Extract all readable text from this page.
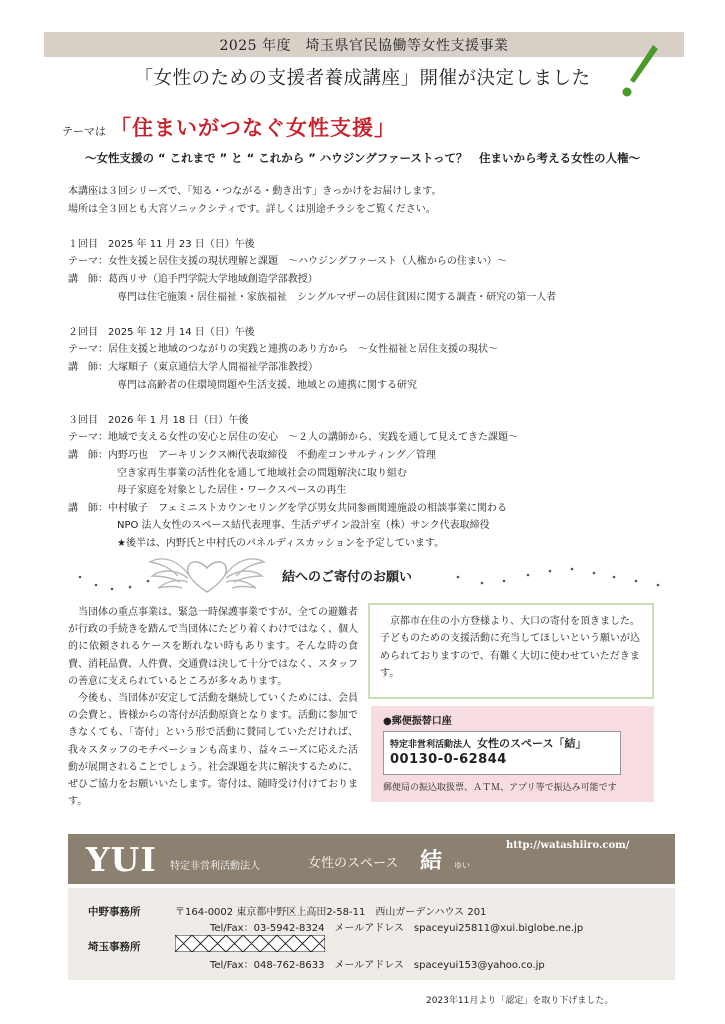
2025 年度　埼玉県官民協働等女性支援事業
「女性のための支援者養成講座」開催が決定しました
テーマは 「住まいがつなぐ女性支援」
～女性支援の “ これまで ” と “ これから ” ハウジングファーストって？　住まいから考える女性の人権～
本講座は３回シリーズで、「知る・つながる・動き出す」きっかけをお届けします。
場所は全３回とも大宮ソニックシティです。詳しくは別途チラシをご覧ください。
１回目　2025 年 11 月 23 日（日）午後
テーマ：女性支援と居住支援の現状理解と課題　～ハウジングファースト（人権からの住まい）～
講　師：葛西リサ（追手門学院大学地域創造学部教授）
専門は住宅施策・居住福祉・家族福祉　シングルマザーの居住貧困に関する調査・研究の第一人者
２回目　2025 年 12 月 14 日（日）午後
テーマ：居住支援と地域のつながりの実践と連携のあり方から　～女性福祉と居住支援の現状～
講　師：大塚順子（東京通信大学人間福祉学部准教授）
専門は高齢者の住環境問題や生活支援、地域との連携に関する研究
３回目　2026 年 1 月 18 日（日）午後
テーマ：地域で支える女性の安心と居住の安心　～２人の講師から、実践を通して見えてきた課題～
講　師：内野巧也　アーキリンクス㈱代表取締役　不動産コンサルティング／管理
空き家再生事業の活性化を通して地域社会の問題解決に取り組む
母子家庭を対象とした居住・ワークスペースの再生
講　師：中村敏子　フェミニストカウンセリングを学び男女共同参画関連施設の相談事業に関わる
NPO 法人女性のスペース結代表理事、生活デザイン設計室（株）サンク代表取締役
★後半は、内野氏と中村氏のパネルディスカッションを予定しています。
結へのご寄付のお願い

当団体の重点事業は、緊急一時保護事業ですが、全ての避難者が行政の手続きを踏んで当団体にたどり着くわけではなく、個人的に依頼されるケースを断れない時もあります。そんな時の食費、消耗品費、人件費、交通費は決して十分ではなく、スタッフの善意に支えられているところが多々あります。

今後も、当団体が安定して活動を継続していくためには、会員の会費と、皆様からの寄付が活動原資となります。活動に参加できなくても、「寄付」という形で活動に賛同していただければ、我々スタッフのモチベーションも高まり、益々ニーズに応えた活動が展開されることでしょう。社会課題を共に解決するために、ぜひご協力をお願いいたします。寄付は、随時受け付けております。

京都市在住の小方登様より、大口の寄付を頂きました。子どものための支援活動に充当してほしいという願いが込められておりますので、有難く大切に使わせていただきます。

●郵便振替口座
特定非営利活動法人 女性のスペース「結」
00130-0-62844
郵便局の振込取扱票、ＡＴＭ、アプリ等で振込み可能です
YUI 特定非営利活動法人	女性のスペース 結 ゆい
http://watashiiro.com/
中野事務所	〒164-0002 東京都中野区上高田2-58-11　西山ガーデンハウス 201
Tel/Fax：03-5942-8324　メールアドレス　spaceyui25811@xui.biglobe.ne.jp
埼玉事務所
Tel/Fax：048-762-8633　メールアドレス　spaceyui153@yahoo.co.jp
2023年11月より「認定」を取り下げました。
